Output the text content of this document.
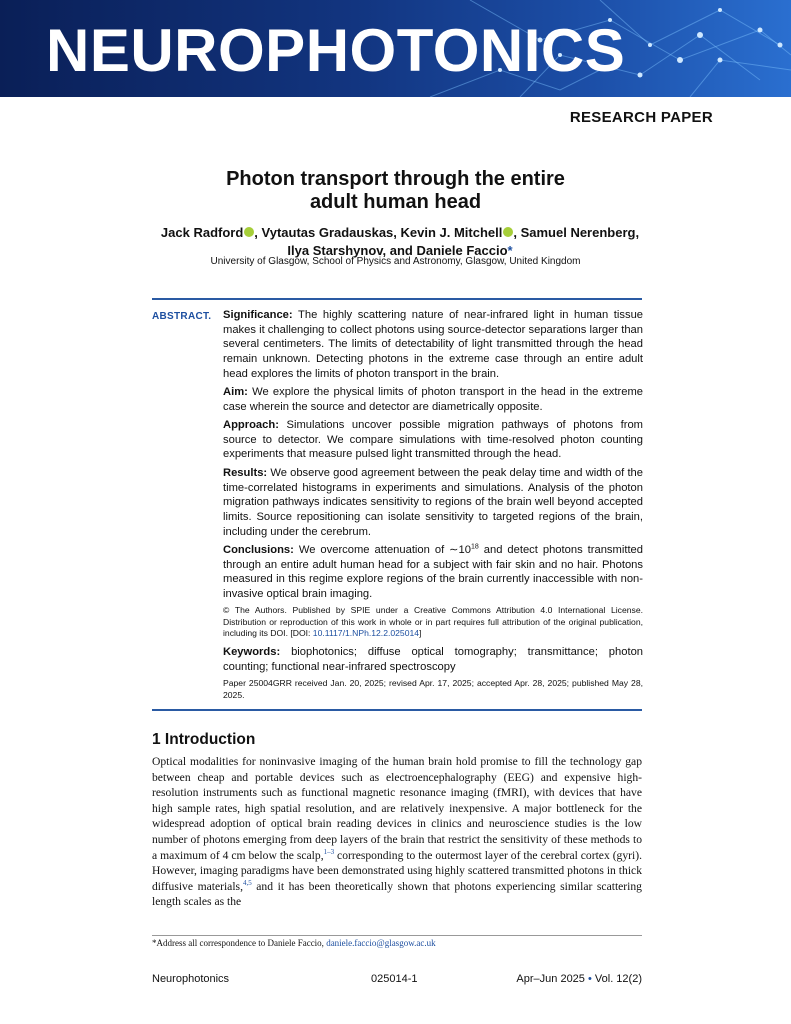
NEUROPHOTONICS
RESEARCH PAPER
Photon transport through the entire
adult human head
Jack Radford , Vytautas Gradauskas, Kevin J. Mitchell , Samuel Nerenberg,
Ilya Starshynov, and Daniele Faccio*
University of Glasgow, School of Physics and Astronomy, Glasgow, United Kingdom
ABSTRACT. Significance: The highly scattering nature of near-infrared light in human tissue makes it challenging to collect photons using source-detector separations larger than several centimeters. The limits of detectability of light transmitted through the head remain unknown. Detecting photons in the extreme case through an entire adult head explores the limits of photon transport in the brain.
Aim: We explore the physical limits of photon transport in the head in the extreme case wherein the source and detector are diametrically opposite.
Approach: Simulations uncover possible migration pathways of photons from source to detector. We compare simulations with time-resolved photon counting experiments that measure pulsed light transmitted through the head.
Results: We observe good agreement between the peak delay time and width of the time-correlated histograms in experiments and simulations. Analysis of the photon migration pathways indicates sensitivity to regions of the brain well beyond accepted limits. Source repositioning can isolate sensitivity to targeted regions of the brain, including under the cerebrum.
Conclusions: We overcome attenuation of $\sim 10^{18}$ and detect photons transmitted through an entire adult human head for a subject with fair skin and no hair. Photons measured in this regime explore regions of the brain currently inaccessible with non-invasive optical brain imaging.
© The Authors. Published by SPIE under a Creative Commons Attribution 4.0 International License. Distribution or reproduction of this work in whole or in part requires full attribution of the original publication, including its DOI. [DOI: 10.1117/1.NPh.12.2.025014]
Keywords: biophotonics; diffuse optical tomography; transmittance; photon counting; functional near-infrared spectroscopy
Paper 25004GRR received Jan. 20, 2025; revised Apr. 17, 2025; accepted Apr. 28, 2025; published May 28, 2025.
1 Introduction
Optical modalities for noninvasive imaging of the human brain hold promise to fill the technology gap between cheap and portable devices such as electroencephalography (EEG) and expensive high-resolution instruments such as functional magnetic resonance imaging (fMRI), with devices that have high sample rates, high spatial resolution, and are relatively inexpensive. A major bottleneck for the widespread adoption of optical brain reading devices in clinics and neuroscience studies is the low number of photons emerging from deep layers of the brain that restrict the sensitivity of these methods to a maximum of 4 cm below the scalp,$^{1-3}$ corresponding to the outermost layer of the cerebral cortex (gyri). However, imaging paradigms have been demonstrated using highly scattered transmitted photons in thick diffusive materials,$^{4,5}$ and it has been theoretically shown that photons experiencing similar scattering length scales as the
*Address all correspondence to Daniele Faccio, daniele.faccio@glasgow.ac.uk
Neurophotonics	025014-1	Apr–Jun 2025 • Vol. 12(2)
